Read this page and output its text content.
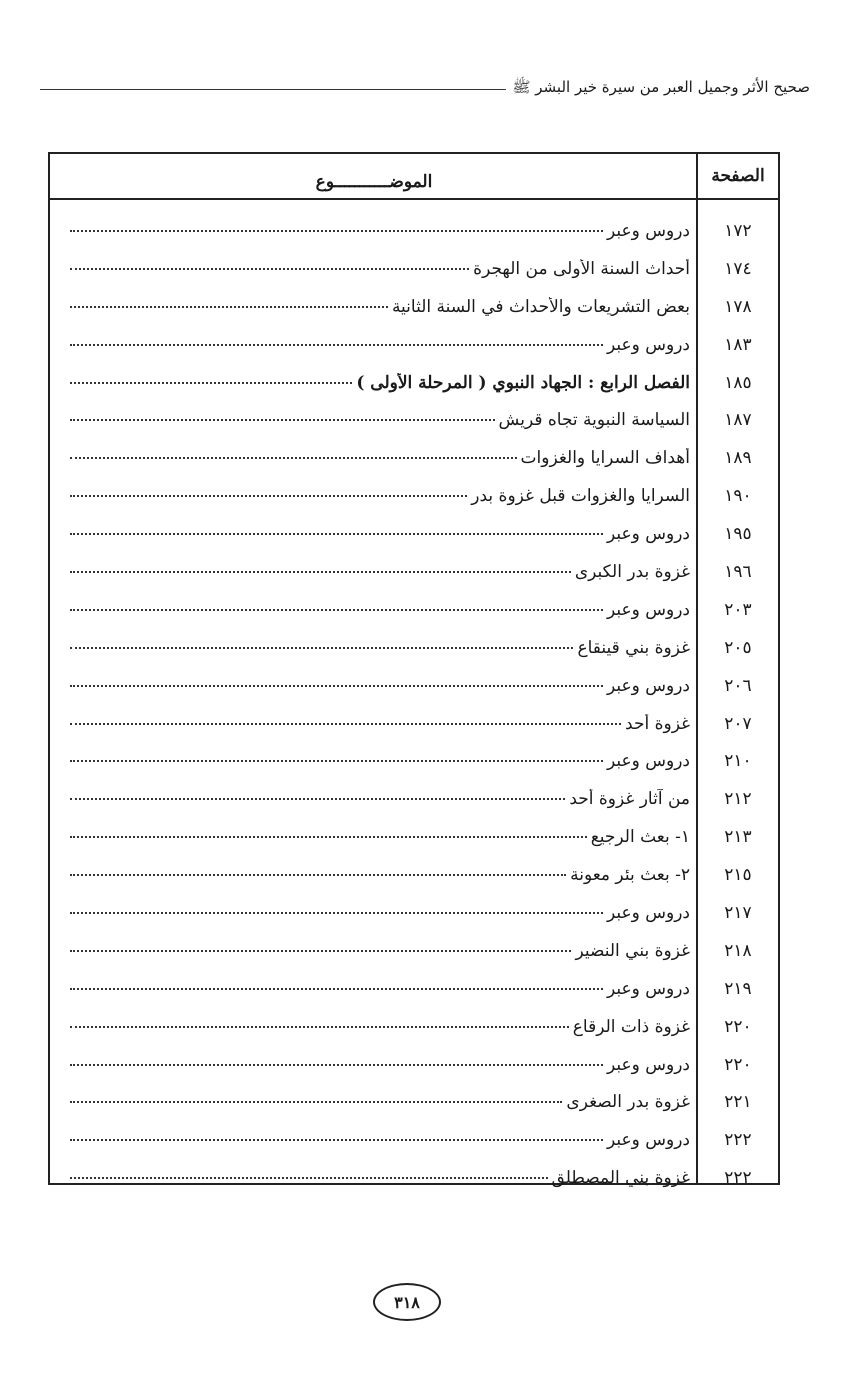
صحيح الأثر وجميل العبر من سيرة خير البشر ﷺ
الصفحة
الموضـــــــــــوع
١٧٢
دروس وعبر
١٧٤
أحداث السنة الأولى من الهجرة
١٧٨
بعض التشريعات والأحداث في السنة الثانية
١٨٣
دروس وعبر
١٨٥
الفصل الرابع : الجهاد النبوي ( المرحلة الأولى )
١٨٧
السياسة النبوية تجاه قريش
١٨٩
أهداف السرايا والغزوات
١٩٠
السرايا والغزوات قبل غزوة بدر
١٩٥
دروس وعبر
١٩٦
غزوة بدر الكبرى
٢٠٣
دروس وعبر
٢٠٥
غزوة بني قينقاع
٢٠٦
دروس وعبر
٢٠٧
غزوة أحد
٢١٠
دروس وعبر
٢١٢
من آثار غزوة أحد
٢١٣
١- بعث الرجيع
٢١٥
٢- بعث بئر معونة
٢١٧
دروس وعبر
٢١٨
غزوة بني النضير
٢١٩
دروس وعبر
٢٢٠
غزوة ذات الرقاع
٢٢٠
دروس وعبر
٢٢١
غزوة بدر الصغرى
٢٢٢
دروس وعبر
٢٢٢
غزوة بني المصطلق
٣١٨
